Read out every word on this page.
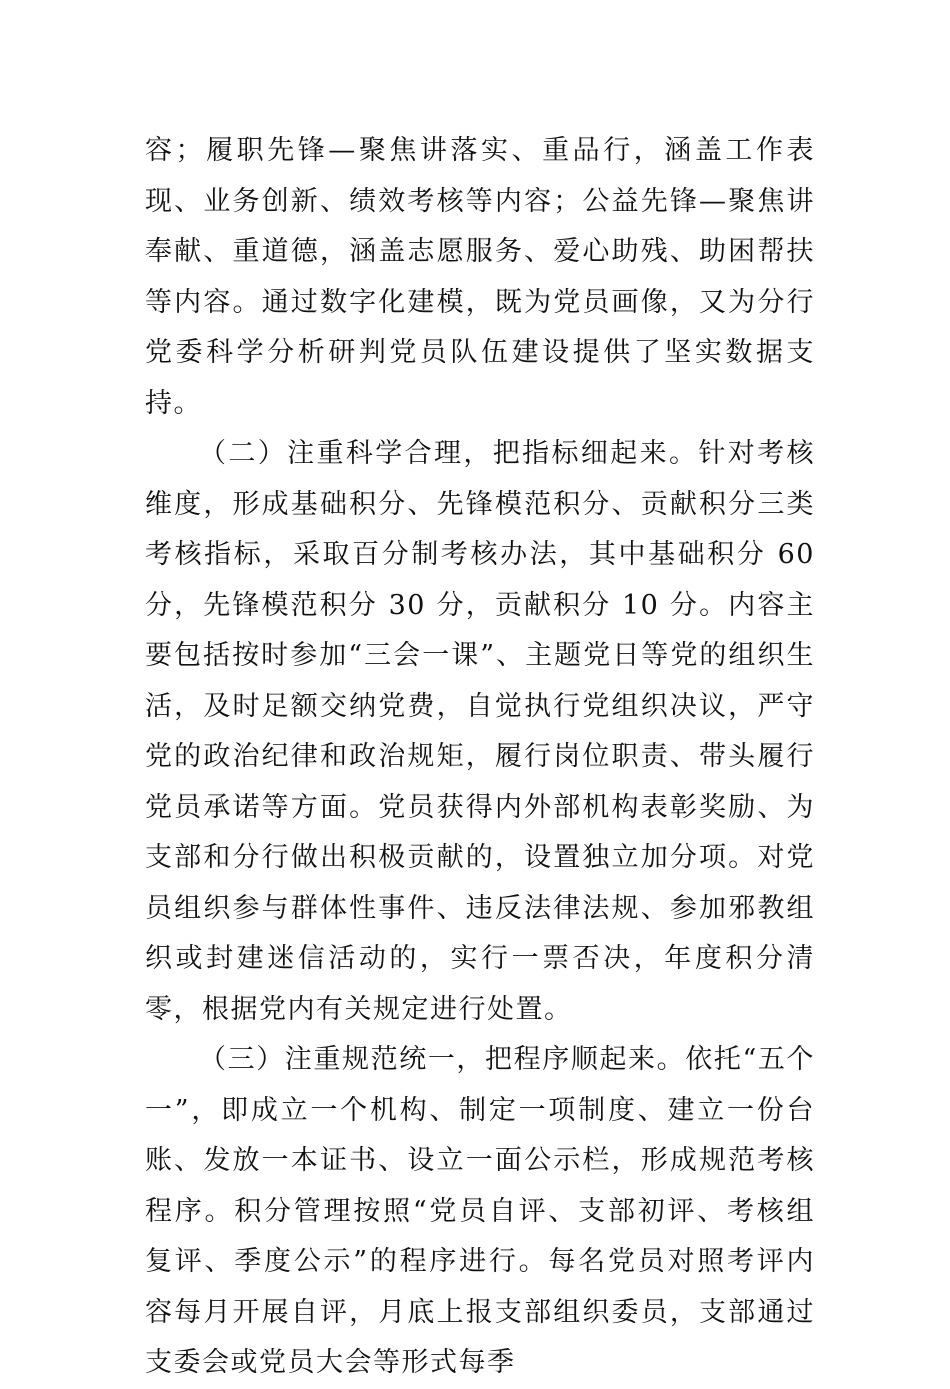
容；履职先锋—聚焦讲落实、重品行，涵盖工作表现、业务创新、绩效考核等内容；公益先锋—聚焦讲奉献、重道德，涵盖志愿服务、爱心助残、助困帮扶等内容。通过数字化建模，既为党员画像，又为分行党委科学分析研判党员队伍建设提供了坚实数据支持。

（二）注重科学合理，把指标细起来。针对考核维度，形成基础积分、先锋模范积分、贡献积分三类考核指标，采取百分制考核办法，其中基础积分 60 分，先锋模范积分 30 分，贡献积分 10 分。内容主要包括按时参加“三会一课”、主题党日等党的组织生活，及时足额交纳党费，自觉执行党组织决议，严守党的政治纪律和政治规矩，履行岗位职责、带头履行党员承诺等方面。党员获得内外部机构表彰奖励、为支部和分行做出积极贡献的，设置独立加分项。对党员组织参与群体性事件、违反法律法规、参加邪教组织或封建迷信活动的，实行一票否决，年度积分清零，根据党内有关规定进行处置。

（三）注重规范统一，把程序顺起来。依托“五个一”，即成立一个机构、制定一项制度、建立一份台账、发放一本证书、设立一面公示栏，形成规范考核程序。积分管理按照“党员自评、支部初评、考核组复评、季度公示”的程序进行。每名党员对照考评内容每月开展自评，月底上报支部组织委员，支部通过支委会或党员大会等形式每季
